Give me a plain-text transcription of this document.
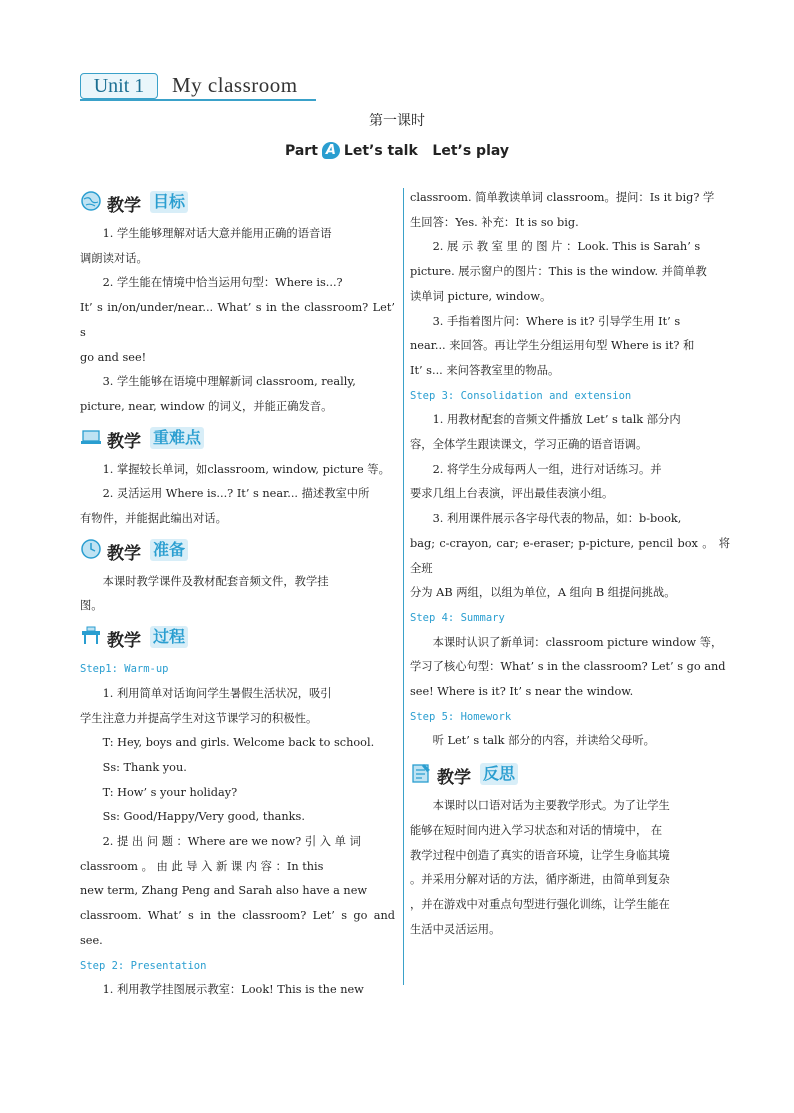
Unit 1	My classroom
第一课时
Part A Let’s talk   Let’s play
教学 目标

1. 学生能够理解对话大意并能用正确的语音语

调朗读对话。

2. 学生能在情境中恰当运用句型：Where is...?

It’ s in/on/under/near... What’ s in the classroom? Let’ s

go and see!

3. 学生能够在语境中理解新词 classroom, really,

picture, near, window 的词义，并能正确发音。

教学 重难点

1. 掌握较长单词，如classroom, window, picture 等。

2. 灵活运用 Where is...? It’ s near... 描述教室中所

有物件，并能据此编出对话。

教学 准备

本课时教学课件及教材配套音频文件，教学挂

图。

教学 过程

Step1: Warm-up

1. 利用简单对话询问学生暑假生活状况，吸引

学生注意力并提高学生对这节课学习的积极性。

T: Hey, boys and girls. Welcome back to school.

Ss: Thank you.

T: How’ s your holiday?

Ss: Good/Happy/Very good, thanks.

2. 提 出 问 题 ：Where are we now? 引 入 单 词

classroom 。 由 此 导 入 新 课 内 容 ：In this

new term, Zhang Peng and Sarah also have a new

classroom. What’ s in the classroom? Let’ s go and see.

Step 2: Presentation

1. 利用教学挂图展示教室：Look! This is the new

classroom. 简单教读单词 classroom。提问：Is it big? 学

生回答：Yes. 补充：It is so big.

2. 展 示 教 室 里 的 图 片 ：Look. This is Sarah’ s

picture. 展示窗户的图片：This is the window. 并简单教

读单词 picture, window。

3. 手指着图片问：Where is it? 引导学生用 It’ s

near... 来回答。再让学生分组运用句型 Where is it? 和

It’ s... 来问答教室里的物品。

Step 3: Consolidation and extension

1. 用教材配套的音频文件播放 Let’ s talk 部分内

容，全体学生跟读课文，学习正确的语音语调。

2. 将学生分成每两人一组，进行对话练习。并

要求几组上台表演，评出最佳表演小组。

3. 利用课件展示各字母代表的物品，如：b-book,

bag; c-crayon, car; e-eraser; p-picture, pencil box 。 将全班

分为 AB 两组，以组为单位，A 组向 B 组提问挑战。

Step 4: Summary

本课时认识了新单词：classroom picture window 等，

学习了核心句型：What’ s in the classroom? Let’ s go and

see! Where is it? It’ s near the window.

Step 5: Homework

听 Let’ s talk 部分的内容，并读给父母听。

教学 反思

本课时以口语对话为主要教学形式。为了让学生

能够在短时间内进入学习状态和对话的情境中， 在

教学过程中创造了真实的语音环境，让学生身临其境

。并采用分解对话的方法，循序渐进，由简单到复杂

，并在游戏中对重点句型进行强化训练，让学生能在

生活中灵活运用。
